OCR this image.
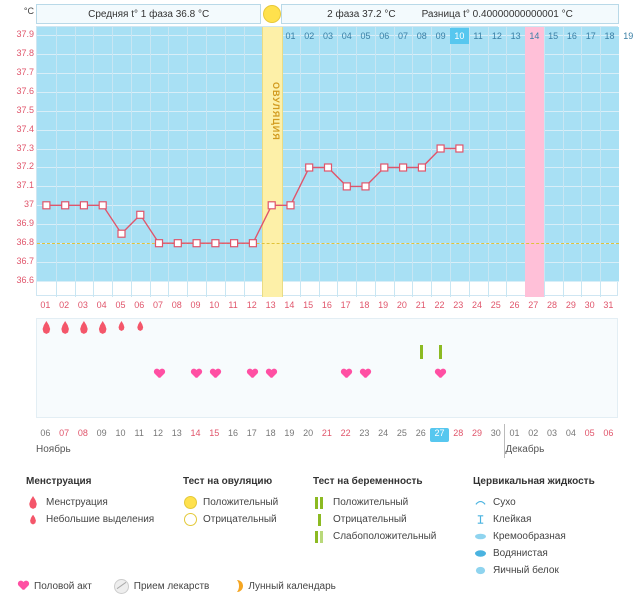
Средняя t° 1 фаза 36.8 °C	2 фаза 37.2 °C	Разница t° 0.40000000000001 °C
ОВУЛЯЦИЯ
01 02 03 04 05 06 07 08 09 10	11	12 13 14 15 16 17 18 19
°C
37.9
37.8
37.7
37.6
37.5
37.4
37.3
37.2
37.1
37
36.9
36.8
36.7
36.6
01 02 03 04 05 06 07 08 09 10	11	12 13 14 15 16 17 18 19 20 21 22 23 24 25 26 27 28 29 30 31
06 07 08 09 10	11	12 13 14 15 16 17 18 19 20 21 22 23 24 25 26 27 28 29 30 01 02 03 04 05 06
Ноябрь	Декабрь
Менструация
Менструация
Небольшие выделения
Тест на овуляцию
Положительный
Отрицательный
Тест на беременность
Положительный
Отрицательный
Слабоположительный
Цервикальная жидкость
Сухо
Клейкая
Кремообразная
Водянистая
Яичный белок
Половой акт	Прием лекарств	Лунный календарь
